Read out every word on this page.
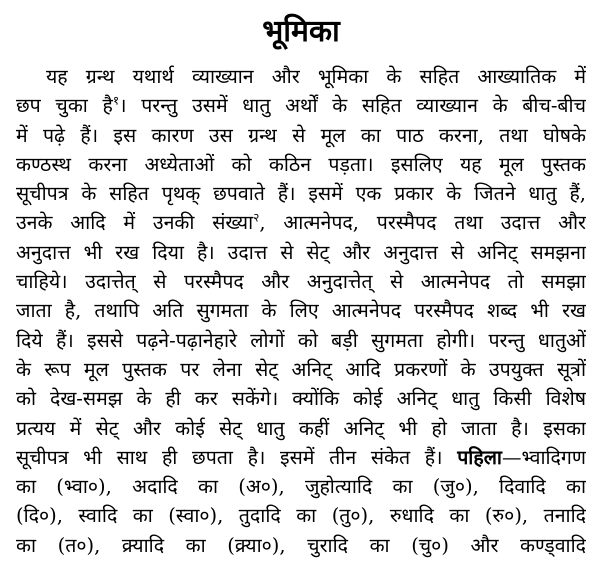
भूमिका
यह ग्रन्थ यथार्थ व्याख्यान और भूमिका के सहित आख्यातिक में
छप चुका है$^१$। परन्तु उसमें धातु अर्थों के सहित व्याख्यान के बीच-बीच
में पढ़े हैं। इस कारण उस ग्रन्थ से मूल का पाठ करना, तथा घोषके
कण्ठस्थ करना अध्येताओं को कठिन पड़ता। इसलिए यह मूल पुस्तक
सूचीपत्र के सहित पृथक् छपवाते हैं। इसमें एक प्रकार के जितने धातु हैं,
उनके आदि में उनकी संख्या$^२$, आत्मनेपद, परस्मैपद तथा उदात्त और
अनुदात्त भी रख दिया है। उदात्त से सेट् और अनुदात्त से अनिट् समझना
चाहिये। उदात्तेत् से परस्मैपद और अनुदात्तेत् से आत्मनेपद तो समझा
जाता है, तथापि अति सुगमता के लिए आत्मनेपद परस्मैपद शब्द भी रख
दिये हैं। इससे पढ़ने-पढ़ानेहारे लोगों को बड़ी सुगमता होगी। परन्तु धातुओं
के रूप मूल पुस्तक पर लेना सेट् अनिट् आदि प्रकरणों के उपयुक्त सूत्रों
को देख-समझ के ही कर सकेंगे। क्योंकि कोई अनिट् धातु किसी विशेष
प्रत्यय में सेट् और कोई सेट् धातु कहीं अनिट् भी हो जाता है। इसका
सूचीपत्र भी साथ ही छपता है। इसमें तीन संकेत हैं। पहिला—भ्वादिगण
का (भ्वा०), अदादि का (अ०), जुहोत्यादि का (जु०), दिवादि का
(दि०), स्वादि का (स्वा०), तुदादि का (तु०), रुधादि का (रु०), तनादि
का (त०), क्र्यादि का (क्र्या०), चुरादि का (चु०) और कण्ड्वादि
